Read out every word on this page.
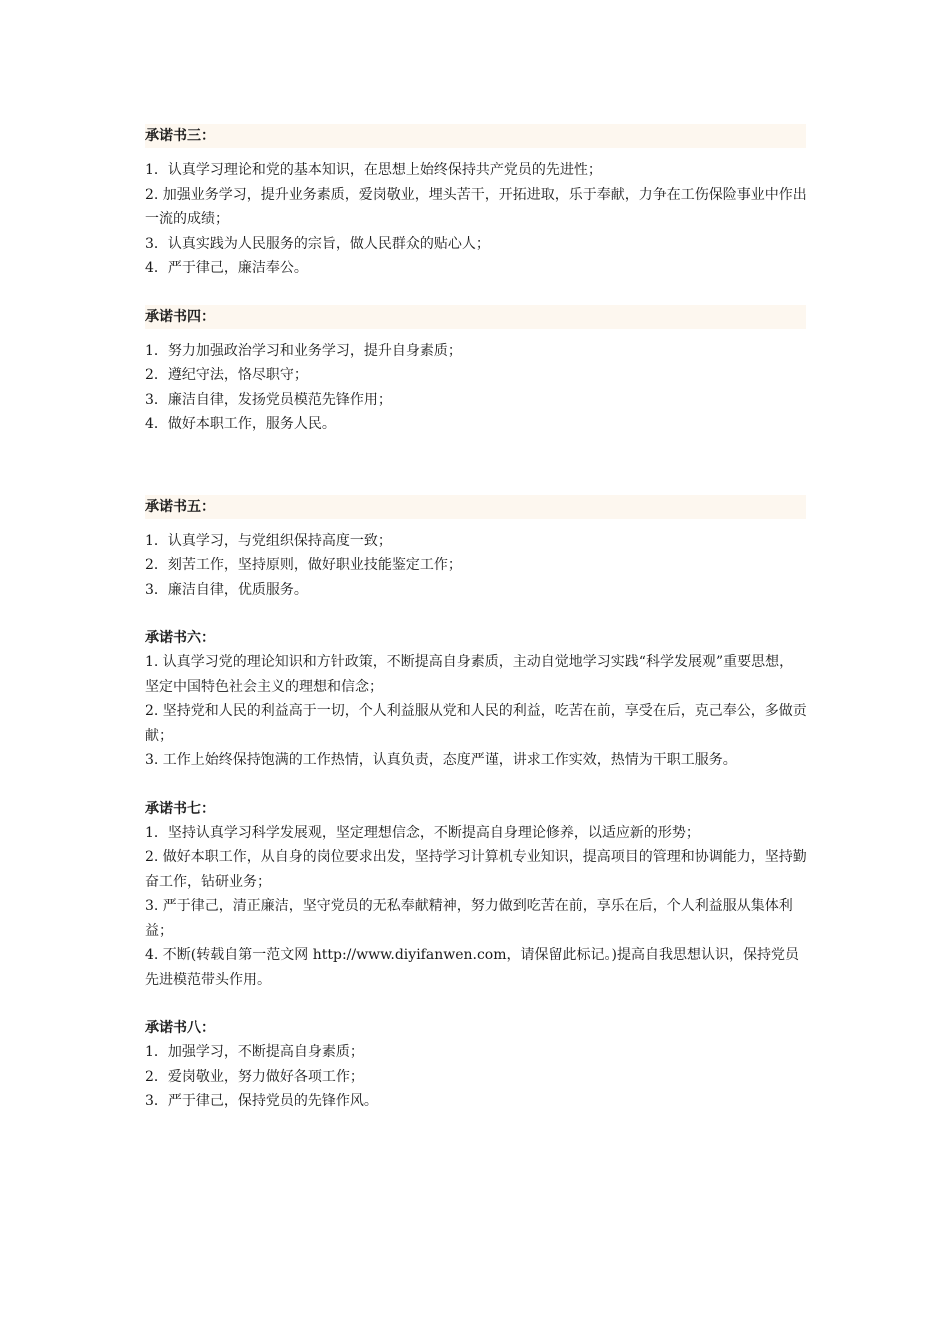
承诺书三：

1．认真学习理论和党的基本知识，在思想上始终保持共产党员的先进性；

2. 加强业务学习，提升业务素质，爱岗敬业，埋头苦干，开拓进取，乐于奉献，力争在工伤保险事业中作出一流的成绩；

3．认真实践为人民服务的宗旨，做人民群众的贴心人；

4．严于律己，廉洁奉公。

承诺书四：

1．努力加强政治学习和业务学习，提升自身素质；

2．遵纪守法，恪尽职守；

3．廉洁自律，发扬党员模范先锋作用；

4．做好本职工作，服务人民。

承诺书五：

1．认真学习，与党组织保持高度一致；

2．刻苦工作，坚持原则，做好职业技能鉴定工作；

3．廉洁自律，优质服务。

承诺书六：

1. 认真学习党的理论知识和方针政策，不断提高自身素质，主动自觉地学习实践“科学发展观”重要思想，坚定中国特色社会主义的理想和信念；

2. 坚持党和人民的利益高于一切，个人利益服从党和人民的利益，吃苦在前，享受在后，克己奉公，多做贡献；

3. 工作上始终保持饱满的工作热情，认真负责，态度严谨，讲求工作实效，热情为干职工服务。

承诺书七：

1．坚持认真学习科学发展观，坚定理想信念，不断提高自身理论修养，以适应新的形势；

2. 做好本职工作，从自身的岗位要求出发，坚持学习计算机专业知识，提高项目的管理和协调能力，坚持勤奋工作，钻研业务；

3. 严于律己，清正廉洁，坚守党员的无私奉献精神，努力做到吃苦在前，享乐在后，个人利益服从集体利益；

4. 不断(转载自第一范文网 http://www.diyifanwen.com，请保留此标记。)提高自我思想认识，保持党员先进模范带头作用。

承诺书八：

1．加强学习，不断提高自身素质；

2．爱岗敬业，努力做好各项工作；

3．严于律己，保持党员的先锋作风。
